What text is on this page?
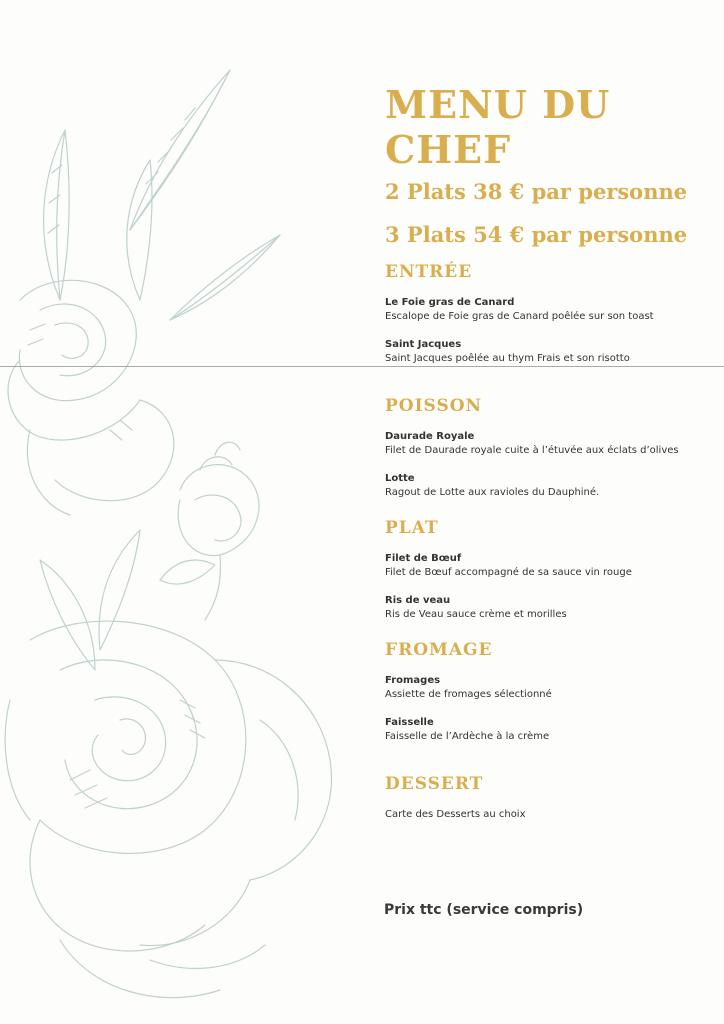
MENU DU
CHEF
2 Plats 38 € par personne
3 Plats 54 € par personne
ENTRÉE
Le Foie gras de Canard
Escalope de Foie gras de Canard poêlée sur son toast
Saint Jacques
Saint Jacques poêlée au thym Frais et son risotto
POISSON
Daurade Royale
Filet de Daurade royale cuite à l’étuvée aux éclats d’olives
Lotte
Ragout de Lotte aux ravioles du Dauphiné.
PLAT
Filet de Bœuf
Filet de Bœuf accompagné de sa sauce vin rouge
Ris de veau
Ris de Veau sauce crème et morilles
FROMAGE
Fromages
Assiette de fromages sélectionné
Faisselle
Faisselle de l’Ardèche à la crème
DESSERT
Carte des Desserts au choix
Prix ttc (service compris)
